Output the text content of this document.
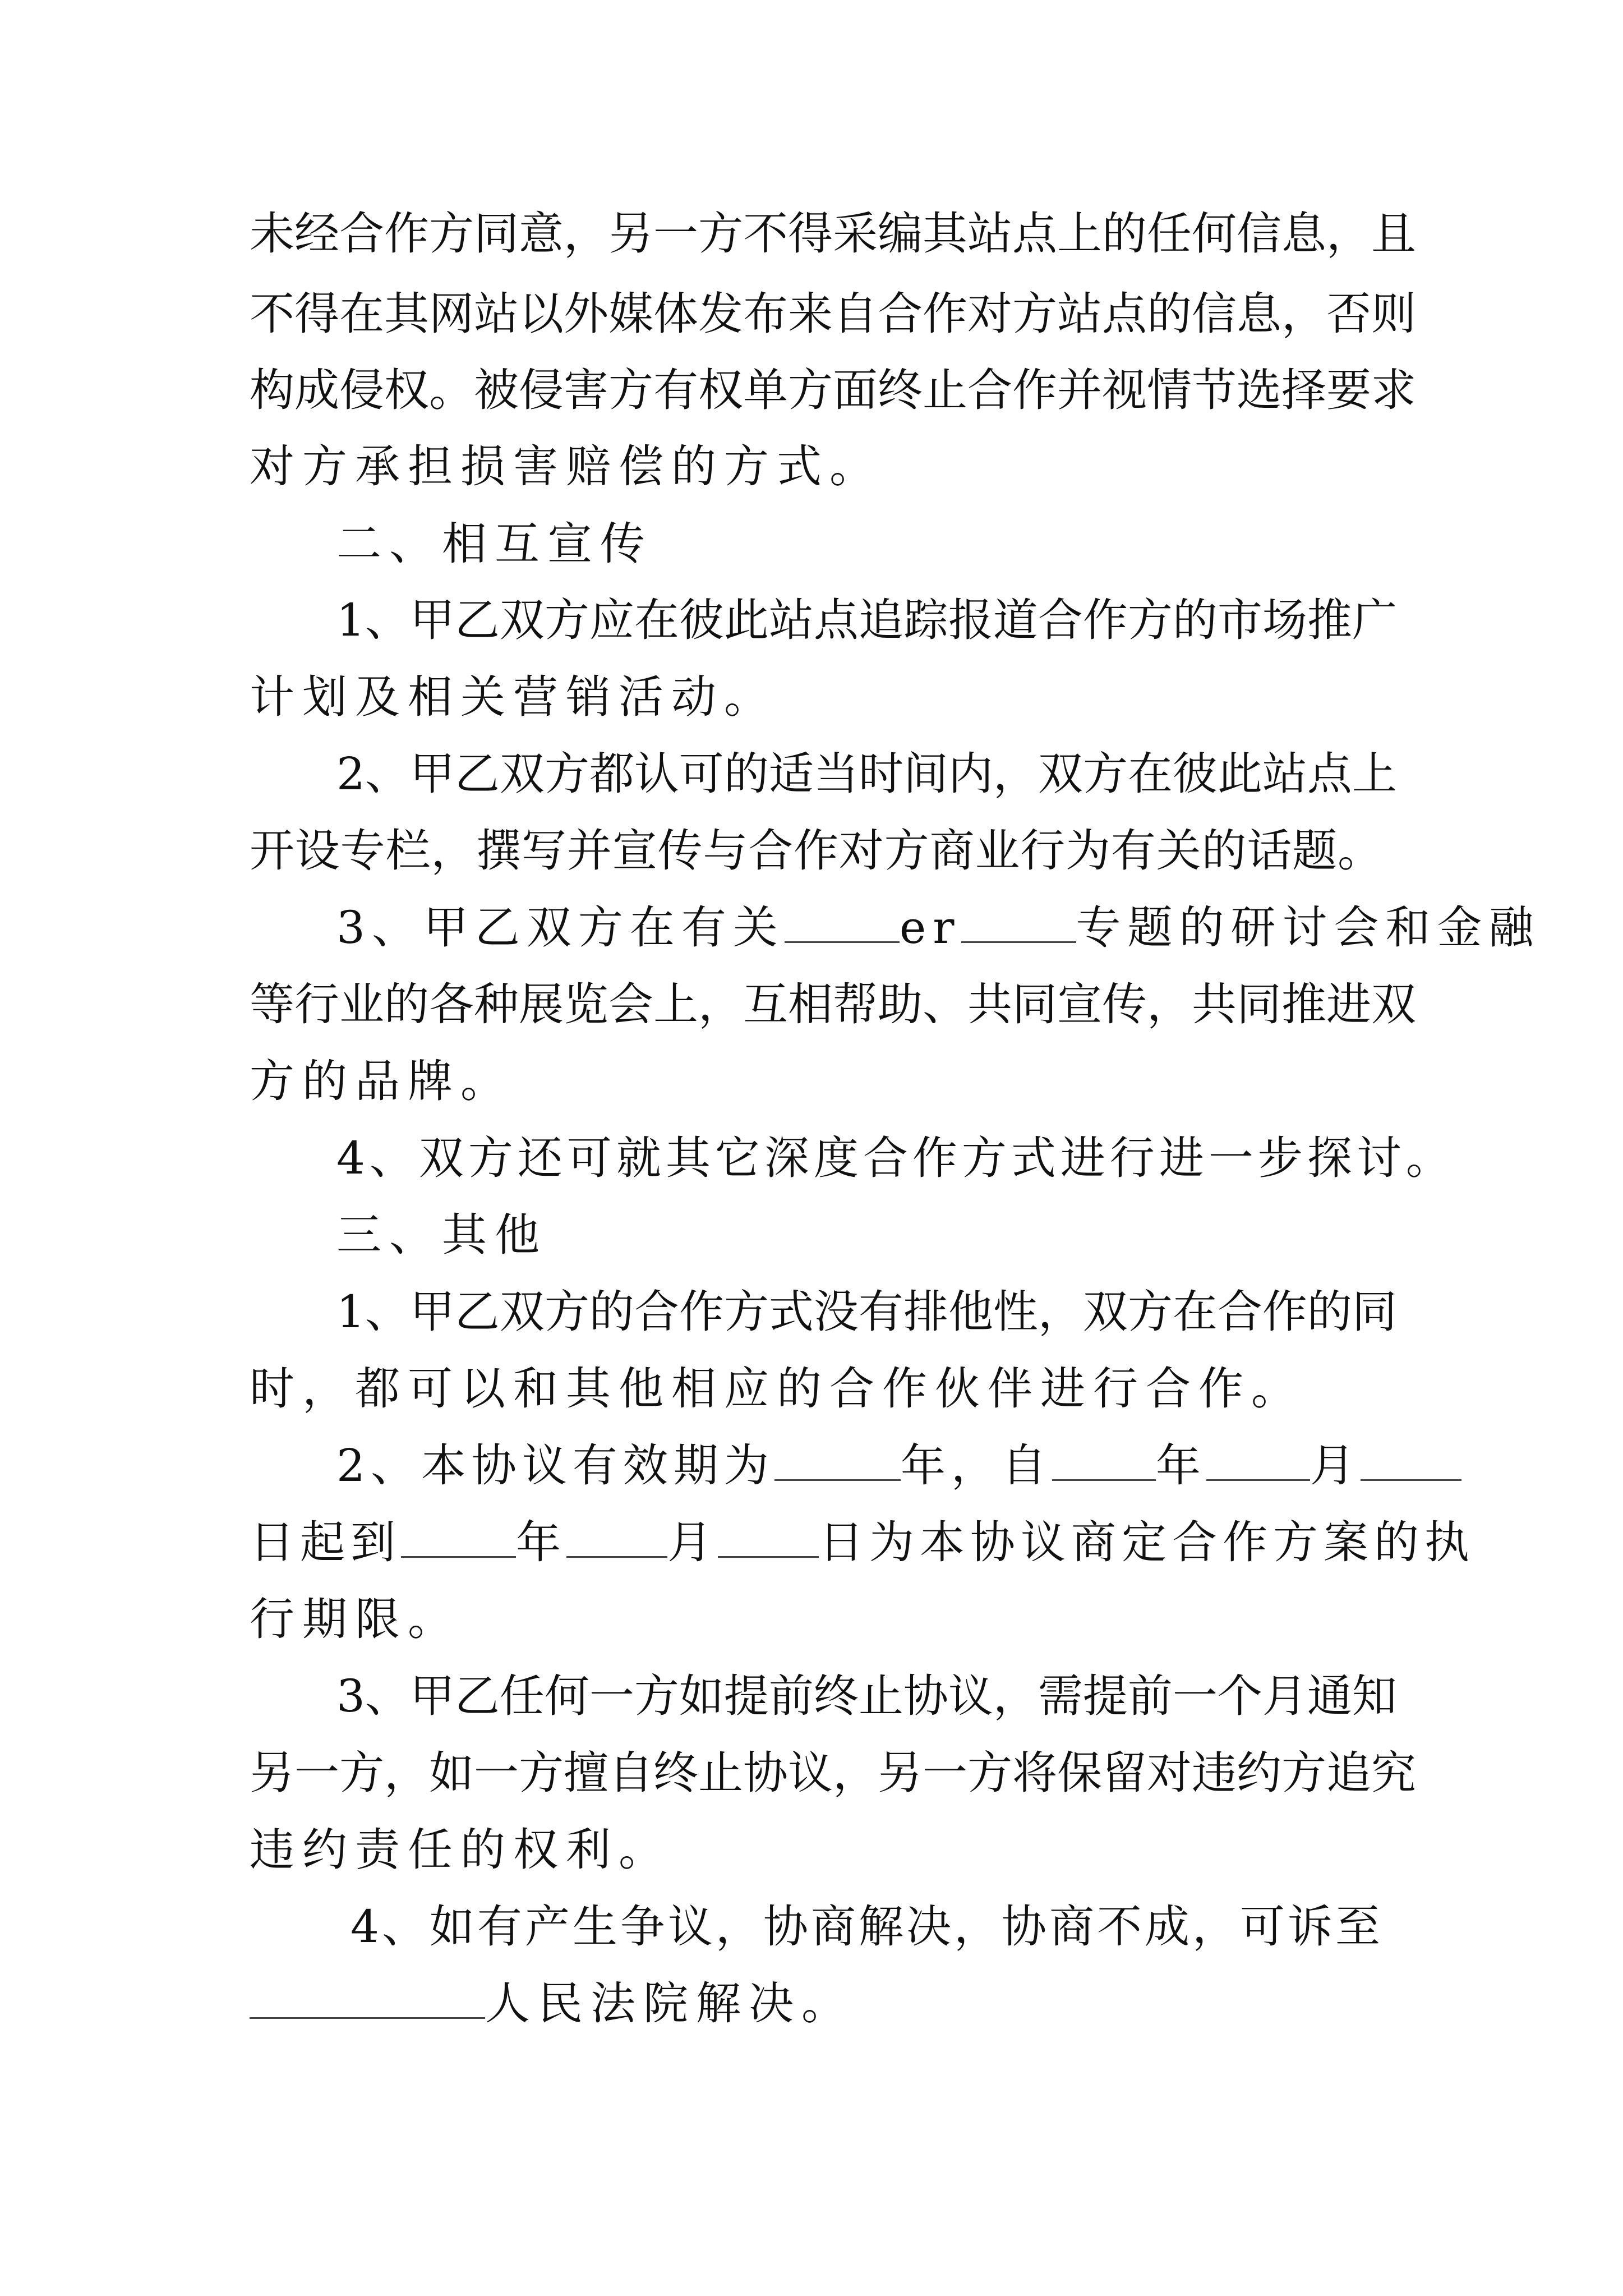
未经合作方同意，另一方不得采编其站点上的任何信息，且
不得在其网站以外媒体发布来自合作对方站点的信息，否则
构成侵权。被侵害方有权单方面终止合作并视情节选择要求
对方承担损害赔偿的方式。
二、相互宣传
1、甲乙双方应在彼此站点追踪报道合作方的市场推广
计划及相关营销活动。
2、甲乙双方都认可的适当时间内，双方在彼此站点上
开设专栏，撰写并宣传与合作对方商业行为有关的话题。
3、甲乙双方在有关	er	专题的研讨会和金融
等行业的各种展览会上，互相帮助、共同宣传，共同推进双
方的品牌。
4、双方还可就其它深度合作方式进行进一步探讨。
三、其他
1、甲乙双方的合作方式没有排他性，双方在合作的同
时，都可以和其他相应的合作伙伴进行合作。
2、本协议有效期为	年，自 年 月
日起到	年 月 日为本协议商定合作方案的执
行期限。
3、甲乙任何一方如提前终止协议，需提前一个月通知
另一方，如一方擅自终止协议，另一方将保留对违约方追究
违约责任的权利。
4、如有产生争议，协商解决，协商不成，可诉至
人民法院解决。
